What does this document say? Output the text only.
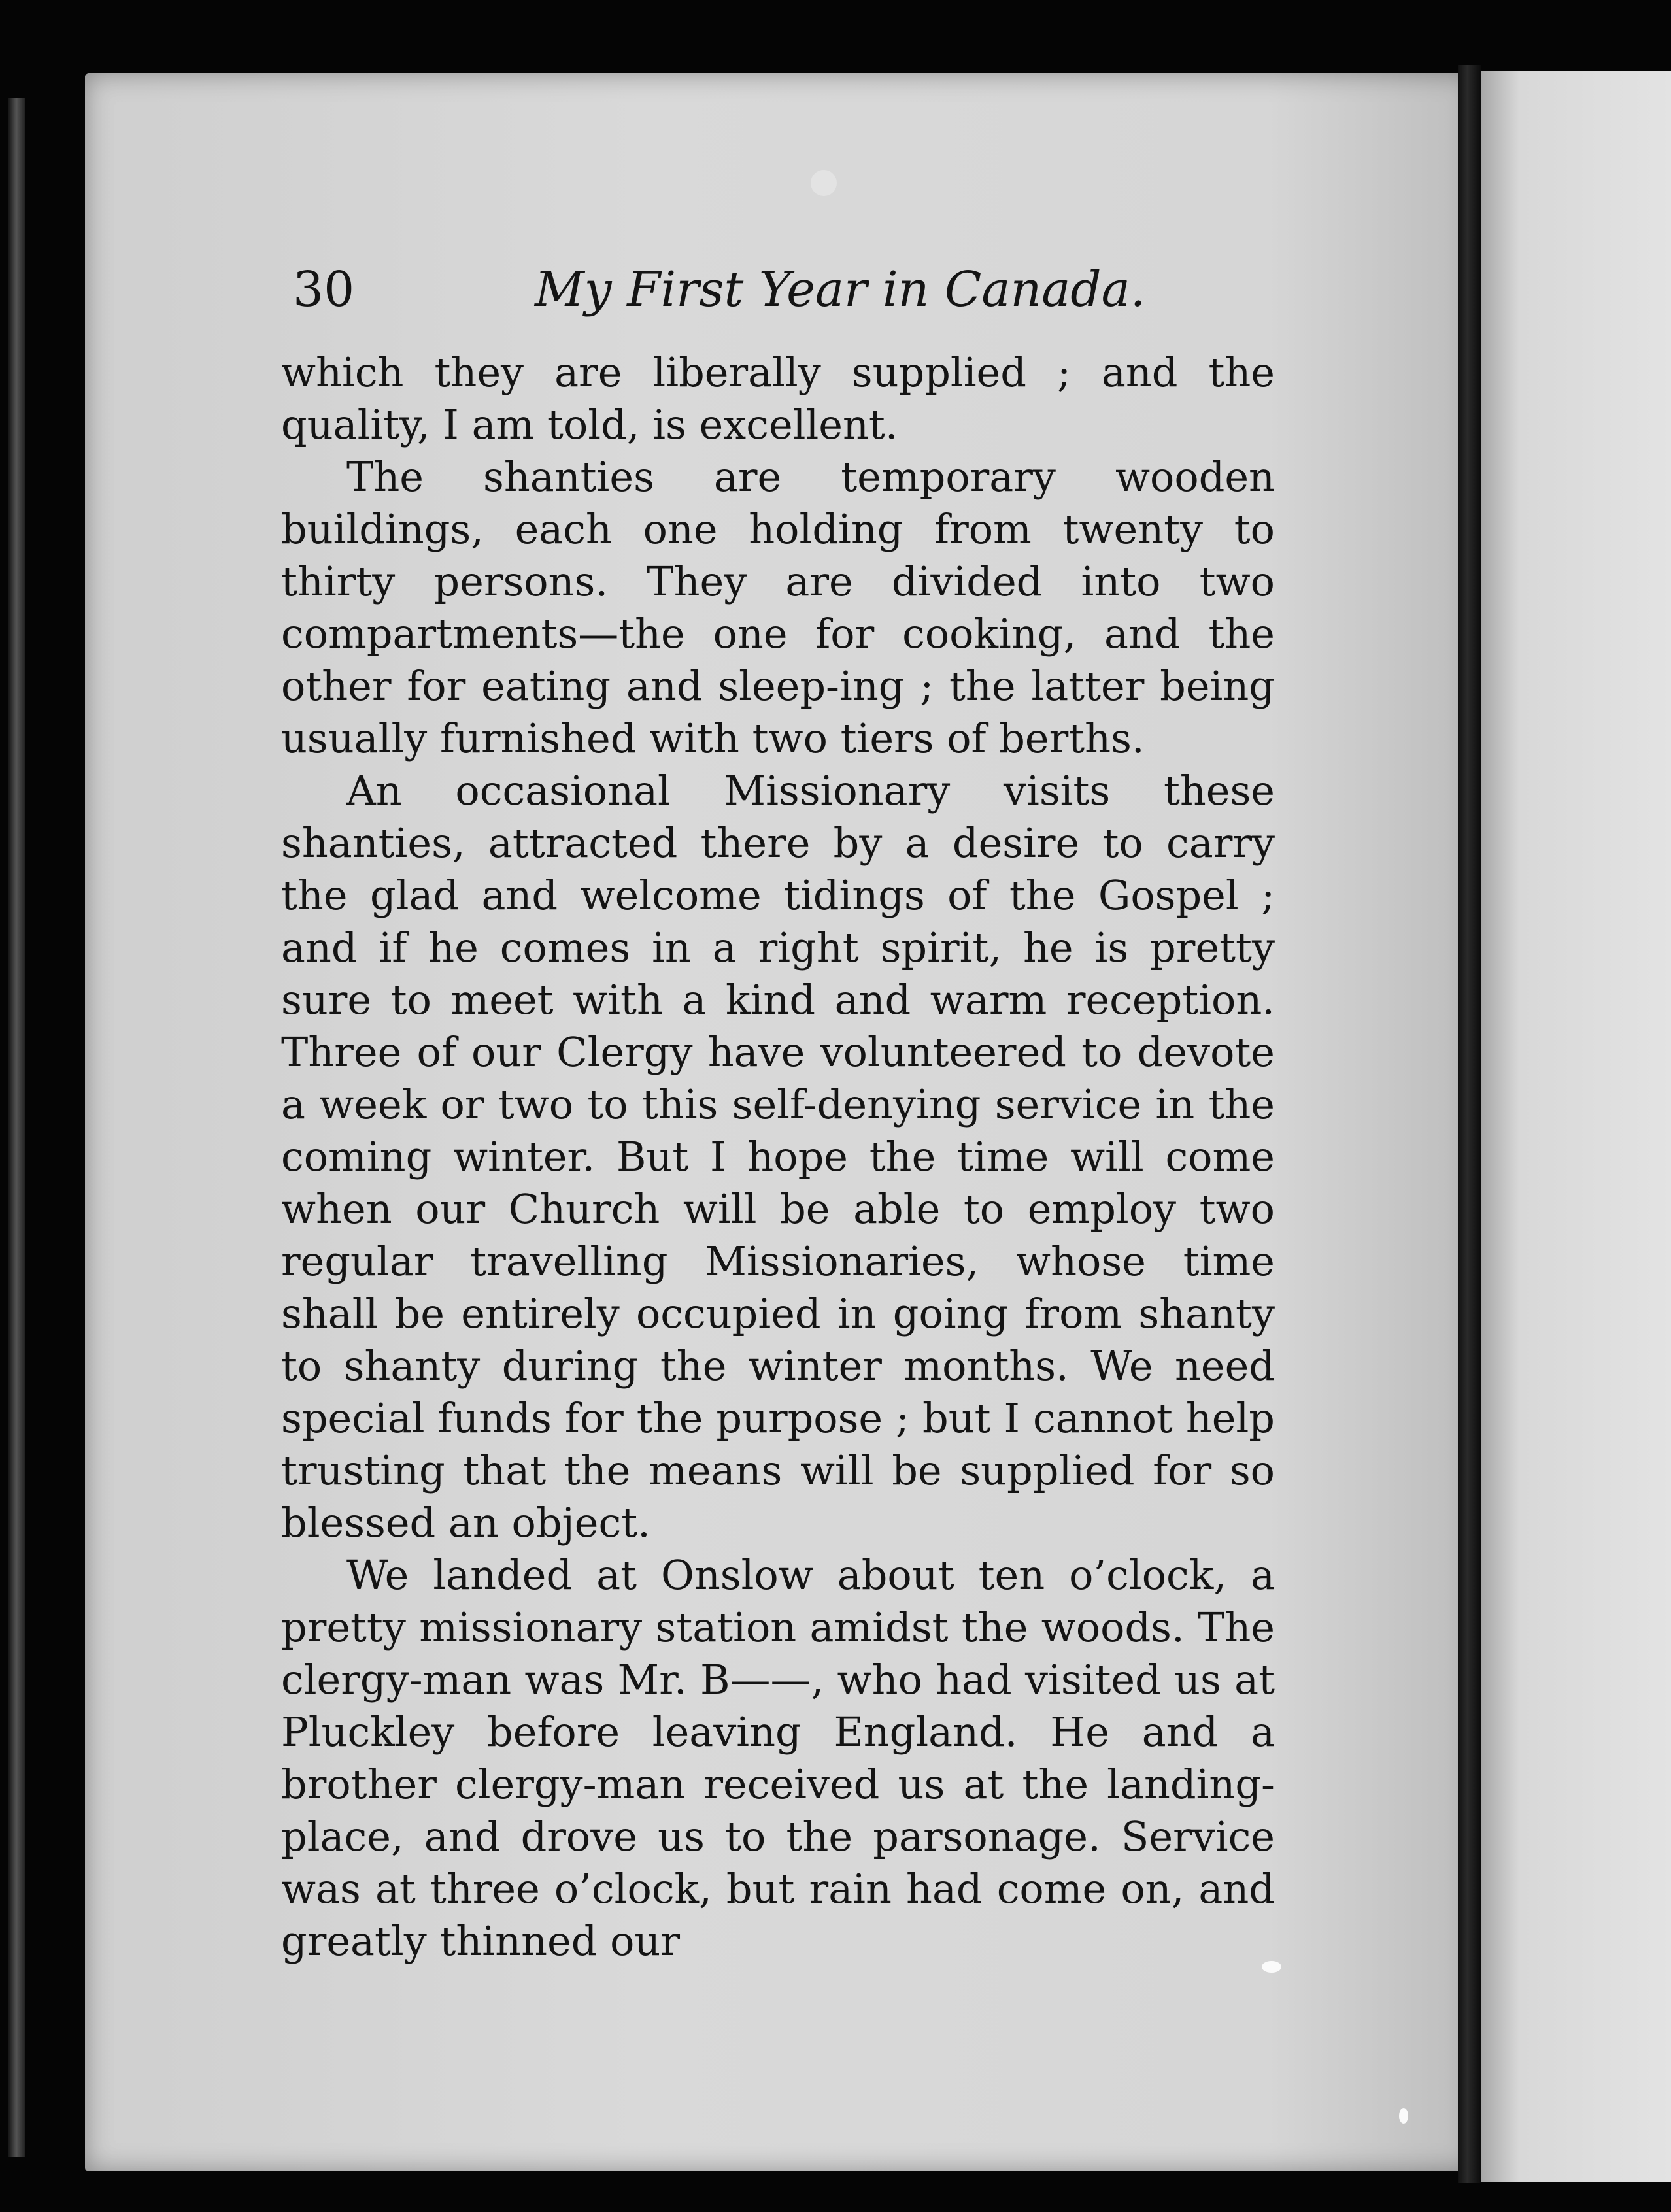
30	My First Year in Canada.

which they are liberally supplied ; and the quality, I am told, is excellent.

The shanties are temporary wooden buildings, each one holding from twenty to thirty persons. They are divided into two compartments—the one for cooking, and the other for eating and sleep-ing ; the latter being usually furnished with two tiers of berths.

An occasional Missionary visits these shanties, attracted there by a desire to carry the glad and welcome tidings of the Gospel ; and if he comes in a right spirit, he is pretty sure to meet with a kind and warm reception. Three of our Clergy have volunteered to devote a week or two to this self-denying service in the coming winter. But I hope the time will come when our Church will be able to employ two regular travelling Missionaries, whose time shall be entirely occupied in going from shanty to shanty during the winter months. We need special funds for the purpose ; but I cannot help trusting that the means will be supplied for so blessed an object.

We landed at Onslow about ten o’clock, a pretty missionary station amidst the woods. The clergy-man was Mr. B——, who had visited us at Pluckley before leaving England. He and a brother clergy-man received us at the landing-place, and drove us to the parsonage. Service was at three o’clock, but rain had come on, and greatly thinned our
